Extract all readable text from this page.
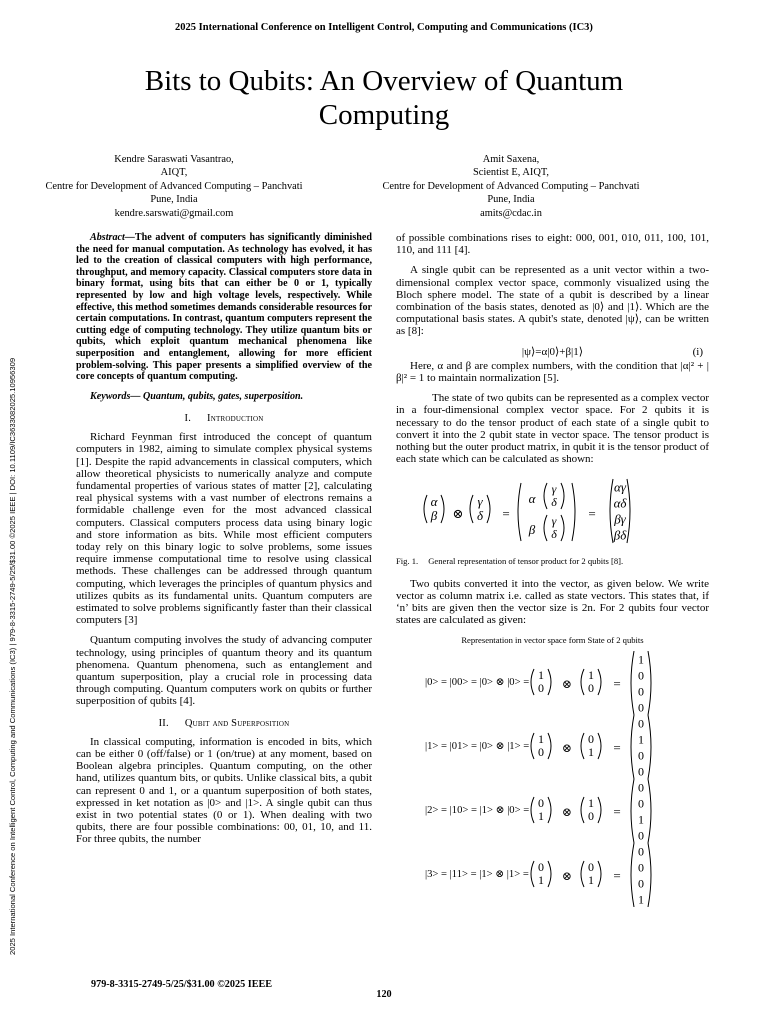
2025 International Conference on Intelligent Control, Computing and Communications (IC3)
Bits to Qubits: An Overview of Quantum
Computing
2025 International Conference on Intelligent Control, Computing and Communications (IC3) | 979-8-3315-2749-5/25/$31.00 ©2025 IEEE | DOI: 10.1109/IC3633082025.10956309
Kendre Saraswati Vasantrao,
AIQT,
Centre for Development of Advanced Computing – Panchvati
Pune, India
kendre.sarswati@gmail.com
Amit Saxena,
Scientist E, AIQT,
Centre for Development of Advanced Computing – Panchvati
Pune, India
amits@cdac.in

Abstract—The advent of computers has significantly diminished the need for manual computation. As technology has evolved, it has led to the creation of classical computers with high performance, throughput, and memory capacity. Classical computers store data in binary format, using bits that can either be 0 or 1, typically represented by low and high voltage levels, respectively. While effective, this method sometimes demands considerable resources for certain computations. In contrast, quantum computers represent the cutting edge of computing technology. They utilize quantum bits or qubits, which exploit quantum mechanical phenomena like superposition and entanglement, allowing for more efficient problem-solving. This paper presents a simplified overview of the core concepts of quantum computing.

Keywords— Quantum, qubits, gates, superposition.

I. Introduction

Richard Feynman first introduced the concept of quantum computers in 1982, aiming to simulate complex physical systems [1]. Despite the rapid advancements in classical computers, which allow theoretical physicists to numerically analyze and compute fundamental properties of various states of matter [2], calculating real physical systems with a vast number of electrons remains a formidable challenge even for the most advanced classical computers. Classical computers process data using binary logic and store information as bits. While most efficient computers today rely on this binary logic to solve problems, some issues require immense computational time to resolve using classical methods. These challenges can be addressed through quantum computing, which leverages the principles of quantum physics and utilizes qubits as its fundamental units. Quantum computers are estimated to solve problems significantly faster than their classical computers [3]

Quantum computing involves the study of advancing computer technology, using principles of quantum theory and its quantum phenomena. Quantum phenomena, such as entanglement and quantum superposition, play a crucial role in processing data through computing. Quantum computers work on qubits or further superposition of qubits [4].

II. Qubit and Superposition

In classical computing, information is encoded in bits, which can be either 0 (off/false) or 1 (on/true) at any moment, based on Boolean algebra principles. Quantum computing, on the other hand, utilizes quantum bits, or qubits. Unlike classical bits, a qubit can represent 0 and 1, or a quantum superposition of both states, expressed in ket notation as |0> and |1>. A single qubit can thus exist in two potential states (0 or 1). When dealing with two qubits, there are four possible combinations: 00, 01, 10, and 11. For three qubits, the number

of possible combinations rises to eight: 000, 001, 010, 011, 100, 101, 110, and 111 [4].

A single qubit can be represented as a unit vector within a two-dimensional complex vector space, commonly visualized using the Bloch sphere model. The state of a qubit is described by a linear combination of the basis states, denoted as |0⟩ and |1⟩. Which are the computational basis states. A qubit's state, denoted |ψ⟩, can be written as [8]:

|ψ⟩=α|0⟩+β|1⟩	(i)

Here, α and β are complex numbers, with the condition that |α|² + |β|² = 1 to maintain normalization [5].

The state of two qubits can be represented as a complex vector in a four-dimensional complex vector space. For 2 qubits it is necessary to do the tensor product of each state of a single qubit to convert it into the 2 qubit state in vector space. The tensor product is nothing but the outer product matrix, in qubit it is the tensor product of each state which can be calculated as shown:

α
β ⊗
γ
δ =
α
β
γ
δ
γ
δ
=
αγ
αδ
βγ
βδ
Fig. 1. General representation of tensor product for 2 qubits [8].

Two qubits converted it into the vector, as given below. We write vector as column matrix i.e. called as state vectors. This states that, if ‘n’ bits are given then the vector size is 2n. For 2 qubits four vector states are calculated as given:

Representation in vector space form State of 2 qubits
|0> = |00> = |0> ⊗ |0> =
1
0 ⊗
1
0 =
1
0
0
0
|1> = |01> = |0> ⊗ |1> =
1
0 ⊗
0
1 =
0
1
0
0
|2> = |10> = |1> ⊗ |0> =
0
1 ⊗
1
0 =
0
0
1
0
|3> = |11> = |1> ⊗ |1> =
0
1 ⊗
0
1 =
0
0
0
1
979-8-3315-2749-5/25/$31.00 ©2025 IEEE
120
